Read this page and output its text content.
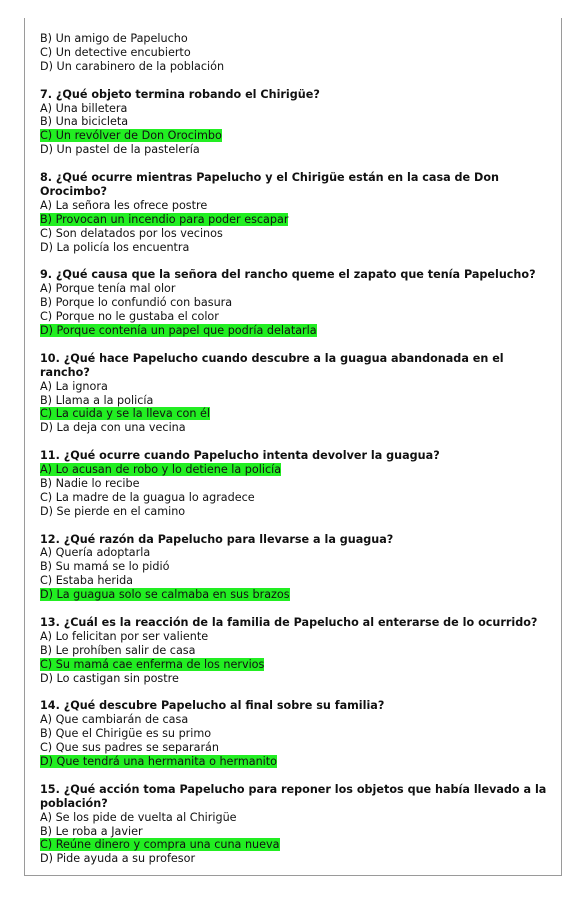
B) Un amigo de Papelucho
C) Un detective encubierto
D) Un carabinero de la población
7. ¿Qué objeto termina robando el Chirigüe?
A) Una billetera
B) Una bicicleta
C) Un revólver de Don Orocimbo
D) Un pastel de la pastelería
8. ¿Qué ocurre mientras Papelucho y el Chirigüe están en la casa de Don Orocimbo?
A) La señora les ofrece postre
B) Provocan un incendio para poder escapar
C) Son delatados por los vecinos
D) La policía los encuentra
9. ¿Qué causa que la señora del rancho queme el zapato que tenía Papelucho?
A) Porque tenía mal olor
B) Porque lo confundió con basura
C) Porque no le gustaba el color
D) Porque contenía un papel que podría delatarla
10. ¿Qué hace Papelucho cuando descubre a la guagua abandonada en el rancho?
A) La ignora
B) Llama a la policía
C) La cuida y se la lleva con él
D) La deja con una vecina
11. ¿Qué ocurre cuando Papelucho intenta devolver la guagua?
A) Lo acusan de robo y lo detiene la policía
B) Nadie lo recibe
C) La madre de la guagua lo agradece
D) Se pierde en el camino
12. ¿Qué razón da Papelucho para llevarse a la guagua?
A) Quería adoptarla
B) Su mamá se lo pidió
C) Estaba herida
D) La guagua solo se calmaba en sus brazos
13. ¿Cuál es la reacción de la familia de Papelucho al enterarse de lo ocurrido?
A) Lo felicitan por ser valiente
B) Le prohíben salir de casa
C) Su mamá cae enferma de los nervios
D) Lo castigan sin postre
14. ¿Qué descubre Papelucho al final sobre su familia?
A) Que cambiarán de casa
B) Que el Chirigüe es su primo
C) Que sus padres se separarán
D) Que tendrá una hermanita o hermanito
15. ¿Qué acción toma Papelucho para reponer los objetos que había llevado a la población?
A) Se los pide de vuelta al Chirigüe
B) Le roba a Javier
C) Reúne dinero y compra una cuna nueva
D) Pide ayuda a su profesor
